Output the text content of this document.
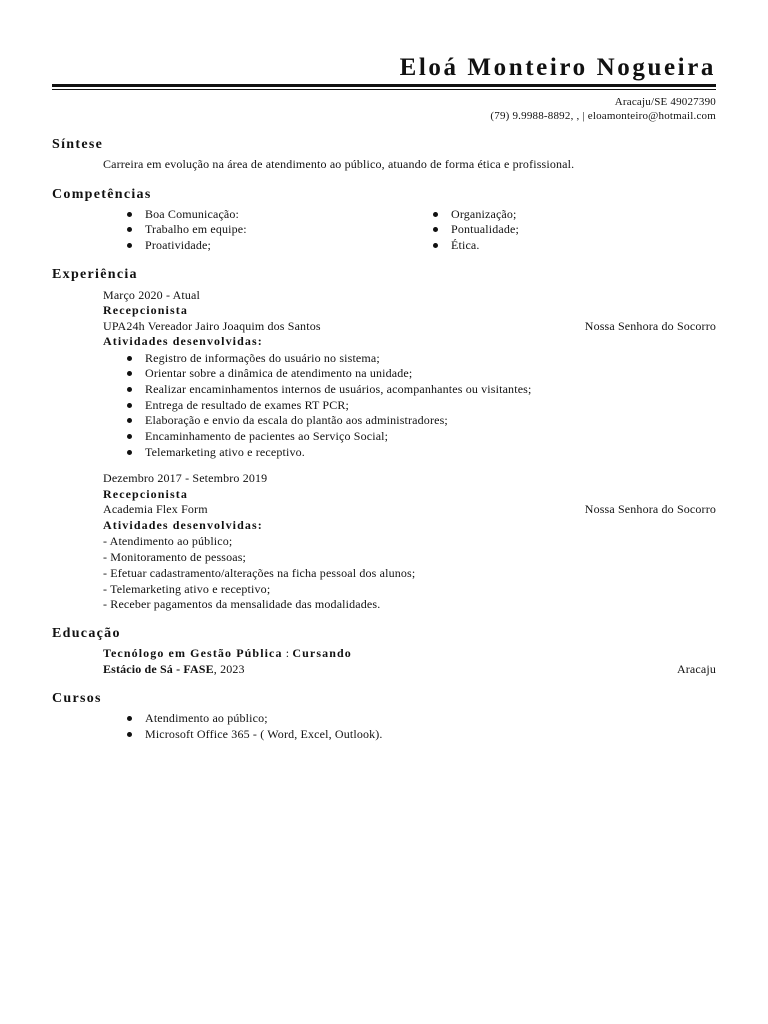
Eloá Monteiro Nogueira
Aracaju/SE 49027390
(79) 9.9988-8892, , | eloamonteiro@hotmail.com
Síntese
Carreira em evolução na área de atendimento ao público, atuando de forma ética e profissional.
Competências
Boa Comunicação:
Trabalho em equipe:
Proatividade;
Organização;
Pontualidade;
Ética.
Experiência
Março 2020 - Atual
Recepcionista
UPA24h Vereador Jairo Joaquim dos Santos	Nossa Senhora do Socorro
Atividades desenvolvidas:
Registro de informações do usuário no sistema;
Orientar sobre a dinâmica de atendimento na unidade;
Realizar encaminhamentos internos de usuários, acompanhantes ou visitantes;
Entrega de resultado de exames RT PCR;
Elaboração e envio da escala do plantão aos administradores;
Encaminhamento de pacientes ao Serviço Social;
Telemarketing ativo e receptivo.
Dezembro 2017 - Setembro 2019
Recepcionista
Academia Flex Form	Nossa Senhora do Socorro
Atividades desenvolvidas:
- Atendimento ao público;
- Monitoramento de pessoas;
- Efetuar cadastramento/alterações na ficha pessoal dos alunos;
- Telemarketing ativo e receptivo;
- Receber pagamentos da mensalidade das modalidades.
Educação
Tecnólogo em Gestão Pública : Cursando
Estácio de Sá - FASE, 2023	Aracaju
Cursos
Atendimento ao público;
Microsoft Office 365 - ( Word, Excel, Outlook).
